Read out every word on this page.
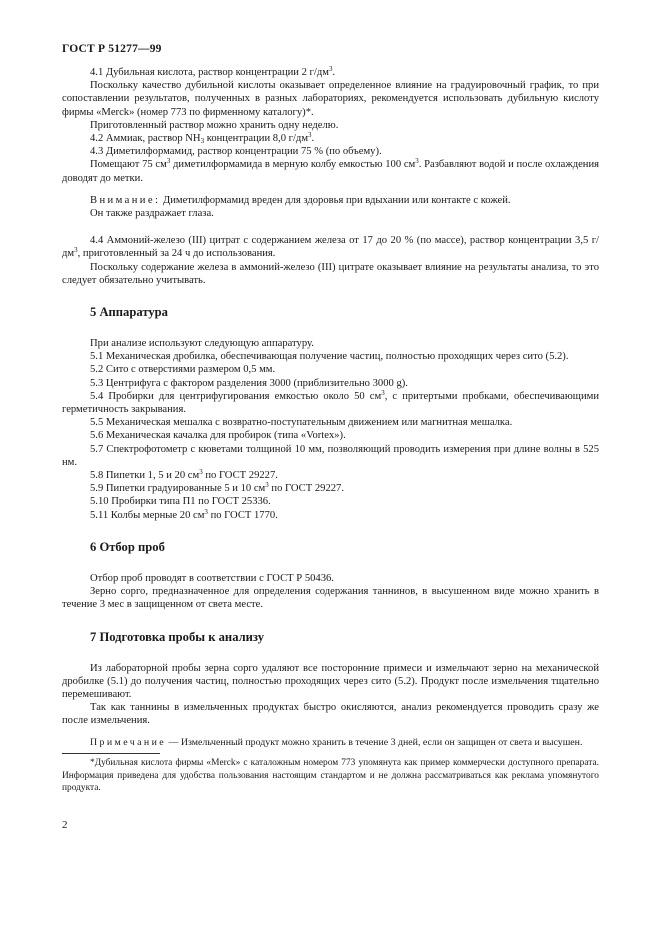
ГОСТ Р 51277—99

4.1 Дубильная кислота, раствор концентрации 2 $г/дм^3$.

Поскольку качество дубильной кислоты оказывает определенное влияние на градуировочный график, то при сопоставлении результатов, полученных в разных лабораториях, рекомендуется использовать дубильную кислоту фирмы «Merck» (номер 773 по фирменному каталогу)*.

Приготовленный раствор можно хранить одну неделю.

4.2 Аммиак, раствор $NH_3$ концентрации 8,0 $г/дм^3$.

4.3 Диметилформамид, раствор концентрации 75 % (по объему).

Помещают 75 $см^3$ диметилформамида в мерную колбу емкостью 100 $см^3$. Разбавляют водой и после охлаждения доводят до метки.

Внимание: Диметилформамид вреден для здоровья при вдыхании или контакте с кожей.

Он также раздражает глаза.

4.4 Аммоний-железо (III) цитрат с содержанием железа от 17 до 20 % (по массе), раствор концентрации 3,5 $г/дм^3$, приготовленный за 24 ч до использования.

Поскольку содержание железа в аммоний-железо (III) цитрате оказывает влияние на результаты анализа, то это следует обязательно учитывать.

5 Аппаратура

При анализе используют следующую аппаратуру.

5.1 Механическая дробилка, обеспечивающая получение частиц, полностью проходящих через сито (5.2).

5.2 Сито с отверстиями размером 0,5 мм.

5.3 Центрифуга с фактором разделения 3000 (приблизительно 3000 g).

5.4 Пробирки для центрифугирования емкостью около 50 $см^3$, с притертыми пробками, обеспечивающими герметичность закрывания.

5.5 Механическая мешалка с возвратно-поступательным движением или магнитная мешалка.

5.6 Механическая качалка для пробирок (типа «Vortex»).

5.7 Спектрофотометр с кюветами толщиной 10 мм, позволяющий проводить измерения при длине волны в 525 нм.

5.8 Пипетки 1, 5 и 20 $см^3$ по ГОСТ 29227.

5.9 Пипетки градуированные 5 и 10 $см^3$ по ГОСТ 29227.

5.10 Пробирки типа П1 по ГОСТ 25336.

5.11 Колбы мерные 20 $см^3$ по ГОСТ 1770.

6 Отбор проб

Отбор проб проводят в соответствии с ГОСТ Р 50436.

Зерно сорго, предназначенное для определения содержания таннинов, в высушенном виде можно хранить в течение 3 мес в защищенном от света месте.

7 Подготовка пробы к анализу

Из лабораторной пробы зерна сорго удаляют все посторонние примеси и измельчают зерно на механической дробилке (5.1) до получения частиц, полностью проходящих через сито (5.2). Продукт после измельчения тщательно перемешивают.

Так как таннины в измельченных продуктах быстро окисляются, анализ рекомендуется проводить сразу же после измельчения.

Примечание — Измельченный продукт можно хранить в течение 3 дней, если он защищен от света и высушен.

*Дубильная кислота фирмы «Merck» с каталожным номером 773 упомянута как пример коммерчески доступного препарата. Информация приведена для удобства пользования настоящим стандартом и не должна рассматриваться как реклама упомянутого продукта.

2
